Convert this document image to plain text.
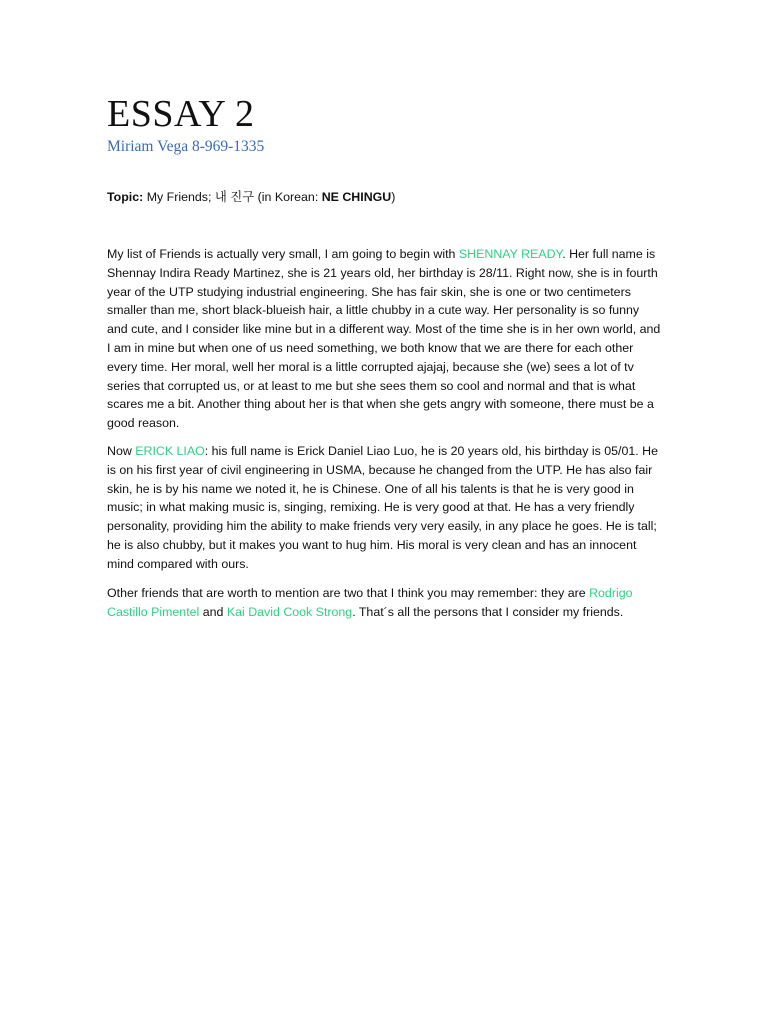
ESSAY 2

Miriam Vega 8-969-1335

Topic: My Friends; 내 진구 (in Korean: NE CHINGU)

My list of Friends is actually very small, I am going to begin with SHENNAY READY. Her full name is Shennay Indira Ready Martinez, she is 21 years old, her birthday is 28/11. Right now, she is in fourth year of the UTP studying industrial engineering. She has fair skin, she is one or two centimeters smaller than me, short black-blueish hair, a little chubby in a cute way. Her personality is so funny and cute, and I consider like mine but in a different way. Most of the time she is in her own world, and I am in mine but when one of us need something, we both know that we are there for each other every time. Her moral, well her moral is a little corrupted ajajaj, because she (we) sees a lot of tv series that corrupted us, or at least to me but she sees them so cool and normal and that is what scares me a bit. Another thing about her is that when she gets angry with someone, there must be a good reason.

Now ERICK LIAO: his full name is Erick Daniel Liao Luo, he is 20 years old, his birthday is 05/01. He is on his first year of civil engineering in USMA, because he changed from the UTP. He has also fair skin, he is by his name we noted it, he is Chinese. One of all his talents is that he is very good in music; in what making music is, singing, remixing. He is very good at that. He has a very friendly personality, providing him the ability to make friends very very easily, in any place he goes. He is tall; he is also chubby, but it makes you want to hug him. His moral is very clean and has an innocent mind compared with ours.

Other friends that are worth to mention are two that I think you may remember: they are Rodrigo Castillo Pimentel and Kai David Cook Strong. That´s all the persons that I consider my friends.
